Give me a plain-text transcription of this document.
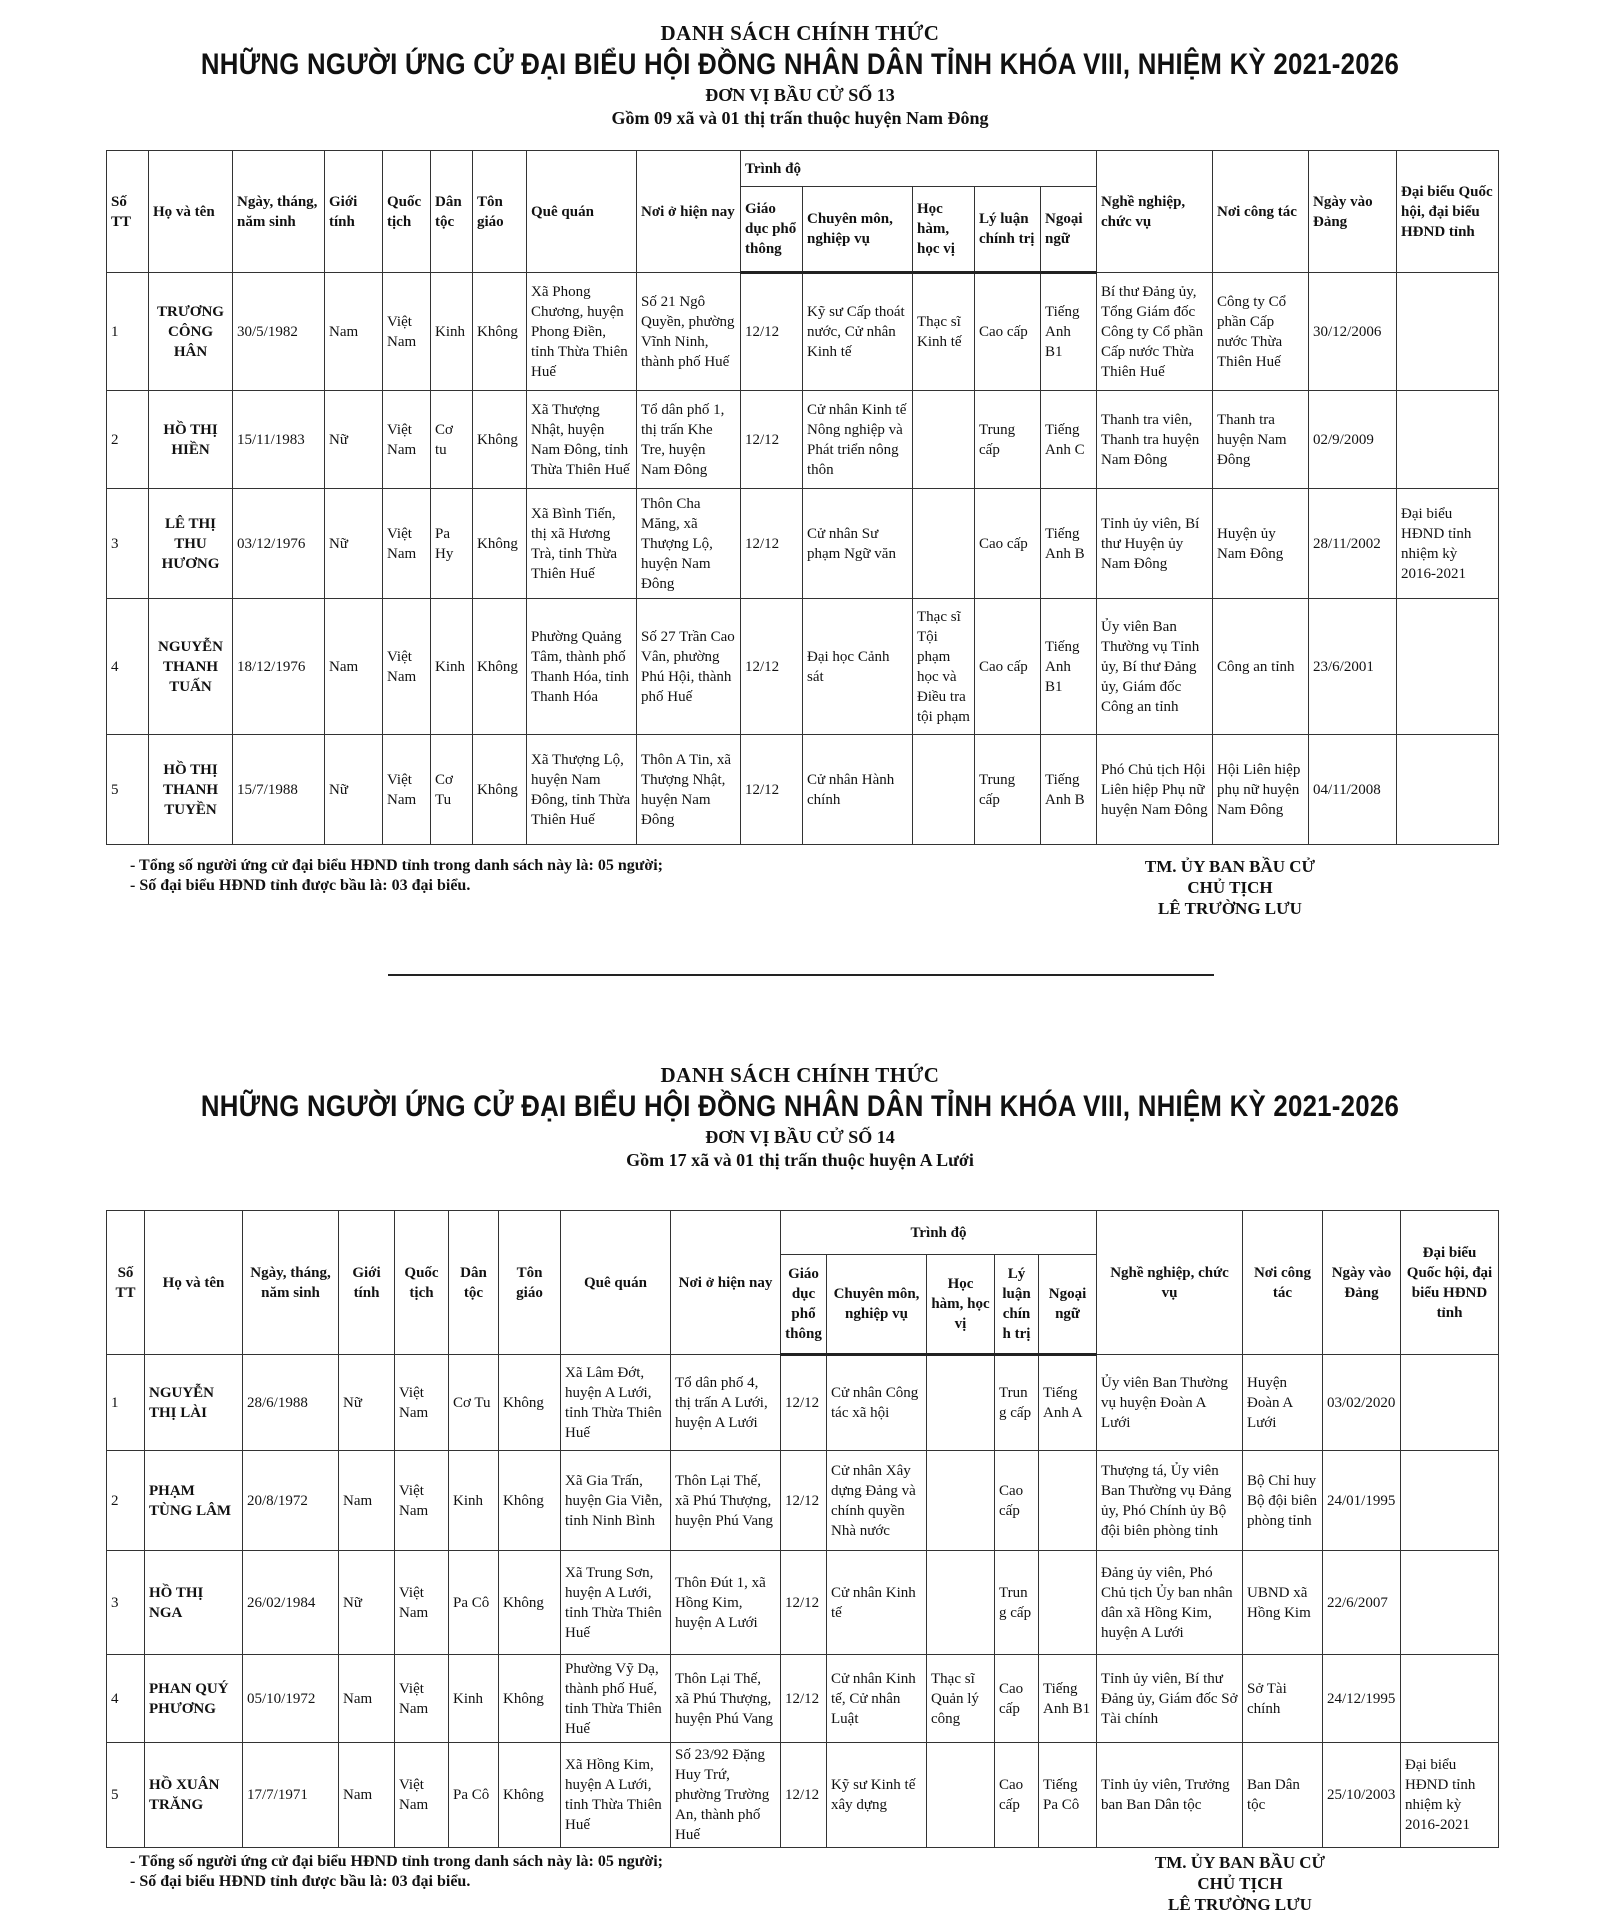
DANH SÁCH CHÍNH THỨC
NHỮNG NGƯỜI ỨNG CỬ ĐẠI BIỂU HỘI ĐỒNG NHÂN DÂN TỈNH KHÓA VIII, NHIỆM KỲ 2021-2026
ĐƠN VỊ BẦU CỬ SỐ 13
Gồm 09 xã và 01 thị trấn thuộc huyện Nam Đông
Số TT	Họ và tên	Ngày, tháng, năm sinh	Giới tính	Quốc tịch	Dân tộc	Tôn giáo	Quê quán	Nơi ở hiện nay	Trình độ					Nghề nghiệp, chức vụ	Nơi công tác	Ngày vào Đảng	Đại biểu Quốc hội, đại biểu HĐND tỉnh
									Giáo dục phổ thông	Chuyên môn, nghiệp vụ	Học hàm, học vị	Lý luận chính trị	Ngoại ngữ				
1	TRƯƠNG CÔNG HÂN	30/5/1982	Nam	Việt Nam	Kinh	Không	Xã Phong Chương, huyện Phong Điền, tỉnh Thừa Thiên Huế	Số 21 Ngô Quyền, phường Vĩnh Ninh, thành phố Huế	12/12	Kỹ sư Cấp thoát nước, Cử nhân Kinh tế	Thạc sĩ Kinh tế	Cao cấp	Tiếng Anh B1	Bí thư Đảng ủy, Tổng Giám đốc Công ty Cổ phần Cấp nước Thừa Thiên Huế	Công ty Cổ phần Cấp nước Thừa Thiên Huế	30/12/2006	
2	HỒ THỊ HIỀN	15/11/1983	Nữ	Việt Nam	Cơ tu	Không	Xã Thượng Nhật, huyện Nam Đông, tỉnh Thừa Thiên Huế	Tổ dân phố 1, thị trấn Khe Tre, huyện Nam Đông	12/12	Cử nhân Kinh tế Nông nghiệp và Phát triển nông thôn		Trung cấp	Tiếng Anh C	Thanh tra viên, Thanh tra huyện Nam Đông	Thanh tra huyện Nam Đông	02/9/2009	
3	LÊ THỊ THU HƯƠNG	03/12/1976	Nữ	Việt Nam	Pa Hy	Không	Xã Bình Tiến, thị xã Hương Trà, tỉnh Thừa Thiên Huế	Thôn Cha Măng, xã Thượng Lộ, huyện Nam Đông	12/12	Cử nhân Sư phạm Ngữ văn		Cao cấp	Tiếng Anh B	Tỉnh ủy viên, Bí thư Huyện ủy Nam Đông	Huyện ủy Nam Đông	28/11/2002	Đại biểu HĐND tỉnh nhiệm kỳ 2016-2021
4	NGUYỄN THANH TUẤN	18/12/1976	Nam	Việt Nam	Kinh	Không	Phường Quảng Tâm, thành phố Thanh Hóa, tỉnh Thanh Hóa	Số 27 Trần Cao Vân, phường Phú Hội, thành phố Huế	12/12	Đại học Cảnh sát	Thạc sĩ Tội phạm học và Điều tra tội phạm	Cao cấp	Tiếng Anh B1	Ủy viên Ban Thường vụ Tỉnh ủy, Bí thư Đảng ủy, Giám đốc Công an tỉnh	Công an tỉnh	23/6/2001	
5	HỒ THỊ THANH TUYỀN	15/7/1988	Nữ	Việt Nam	Cơ Tu	Không	Xã Thượng Lộ, huyện Nam Đông, tỉnh Thừa Thiên Huế	Thôn A Tin, xã Thượng Nhật, huyện Nam Đông	12/12	Cử nhân Hành chính		Trung cấp	Tiếng Anh B	Phó Chủ tịch Hội Liên hiệp Phụ nữ huyện Nam Đông	Hội Liên hiệp phụ nữ huyện Nam Đông	04/11/2008	
- Tổng số người ứng cử đại biểu HĐND tỉnh trong danh sách này là: 05 người;
- Số đại biểu HĐND tỉnh được bầu là: 03 đại biểu.
TM. ỦY BAN BẦU CỬ
CHỦ TỊCH
LÊ TRƯỜNG LƯU
DANH SÁCH CHÍNH THỨC
NHỮNG NGƯỜI ỨNG CỬ ĐẠI BIỂU HỘI ĐỒNG NHÂN DÂN TỈNH KHÓA VIII, NHIỆM KỲ 2021-2026
ĐƠN VỊ BẦU CỬ SỐ 14
Gồm 17 xã và 01 thị trấn thuộc huyện A Lưới
Số TT	Họ và tên	Ngày, tháng, năm sinh	Giới tính	Quốc tịch	Dân tộc	Tôn giáo	Quê quán	Nơi ở hiện nay	Trình độ					Nghề nghiệp, chức vụ	Nơi công tác	Ngày vào Đảng	Đại biểu Quốc hội, đại biểu HĐND tỉnh
									Giáo dục phổ thông	Chuyên môn, nghiệp vụ	Học hàm, học vị	Lý luận chính trị	Ngoại ngữ				
1	NGUYỄN THỊ LÀI	28/6/1988	Nữ	Việt Nam	Cơ Tu	Không	Xã Lâm Đớt, huyện A Lưới, tỉnh Thừa Thiên Huế	Tổ dân phố 4, thị trấn A Lưới, huyện A Lưới	12/12	Cử nhân Công tác xã hội		Trung cấp	Tiếng Anh A	Ủy viên Ban Thường vụ huyện Đoàn A Lưới	Huyện Đoàn A Lưới	03/02/2020	
2	PHẠM TÙNG LÂM	20/8/1972	Nam	Việt Nam	Kinh	Không	Xã Gia Trấn, huyện Gia Viễn, tỉnh Ninh Bình	Thôn Lại Thế, xã Phú Thượng, huyện Phú Vang	12/12	Cử nhân Xây dựng Đảng và chính quyền Nhà nước		Cao cấp		Thượng tá, Ủy viên Ban Thường vụ Đảng ủy, Phó Chính ủy Bộ đội biên phòng tỉnh	Bộ Chỉ huy Bộ đội biên phòng tỉnh	24/01/1995	
3	HỒ THỊ NGA	26/02/1984	Nữ	Việt Nam	Pa Cô	Không	Xã Trung Sơn, huyện A Lưới, tỉnh Thừa Thiên Huế	Thôn Đút 1, xã Hồng Kim, huyện A Lưới	12/12	Cử nhân Kinh tế		Trung cấp		Đảng ủy viên, Phó Chủ tịch Ủy ban nhân dân xã Hồng Kim, huyện A Lưới	UBND xã Hồng Kim	22/6/2007	
4	PHAN QUÝ PHƯƠNG	05/10/1972	Nam	Việt Nam	Kinh	Không	Phường Vỹ Dạ, thành phố Huế, tỉnh Thừa Thiên Huế	Thôn Lại Thế, xã Phú Thượng, huyện Phú Vang	12/12	Cử nhân Kinh tế, Cử nhân Luật	Thạc sĩ Quản lý công	Cao cấp	Tiếng Anh B1	Tỉnh ủy viên, Bí thư Đảng ủy, Giám đốc Sở Tài chính	Sở Tài chính	24/12/1995	
5	HỒ XUÂN TRĂNG	17/7/1971	Nam	Việt Nam	Pa Cô	Không	Xã Hồng Kim, huyện A Lưới, tỉnh Thừa Thiên Huế	Số 23/92 Đặng Huy Trứ, phường Trường An, thành phố Huế	12/12	Kỹ sư Kinh tế xây dựng		Cao cấp	Tiếng Pa Cô	Tỉnh ủy viên, Trưởng ban Ban Dân tộc	Ban Dân tộc	25/10/2003	Đại biểu HĐND tỉnh nhiệm kỳ 2016-2021
- Tổng số người ứng cử đại biểu HĐND tỉnh trong danh sách này là: 05 người;
- Số đại biểu HĐND tỉnh được bầu là: 03 đại biểu.
TM. ỦY BAN BẦU CỬ
CHỦ TỊCH
LÊ TRƯỜNG LƯU
